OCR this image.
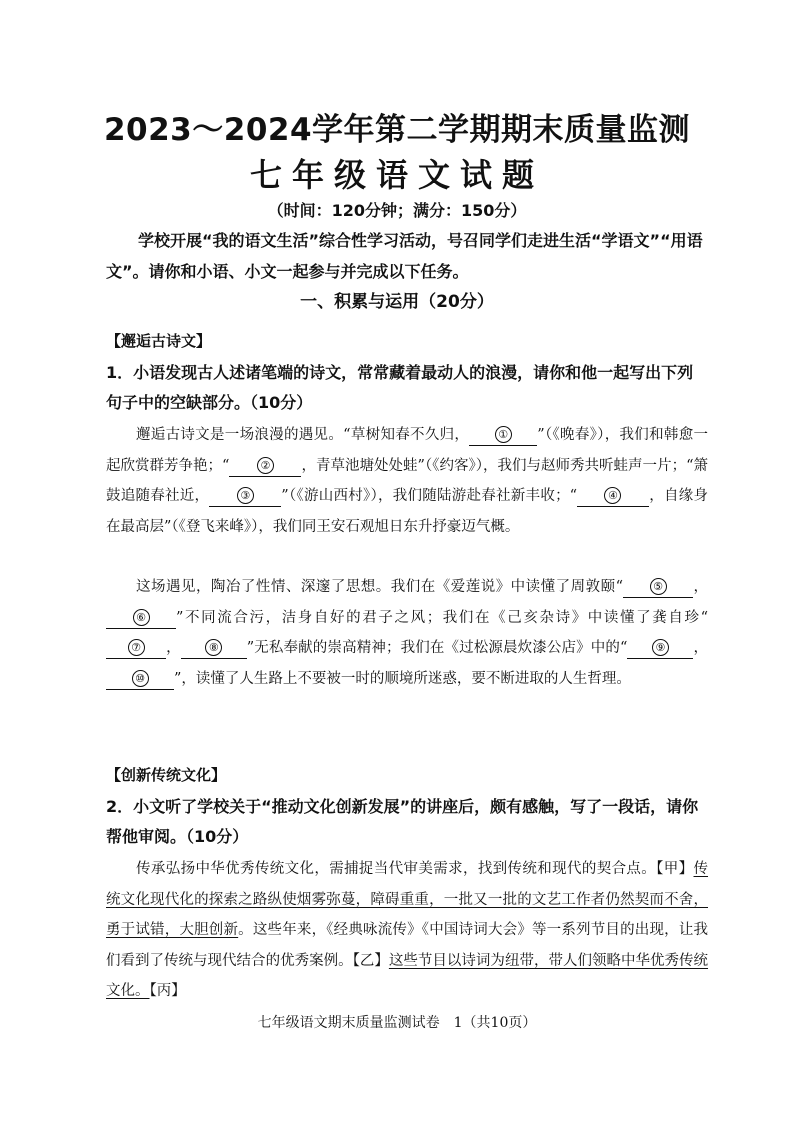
2023～2024学年第二学期期末质量监测
七年级语文试题
（时间：120分钟；满分：150分）
学校开展“我的语文生活”综合性学习活动，号召同学们走进生活“学语文”“用语文”。请你和小语、小文一起参与并完成以下任务。
一、积累与运用（20分）
【邂逅古诗文】
1．小语发现古人述诸笔端的诗文，常常藏着最动人的浪漫，请你和他一起写出下列句子中的空缺部分。（10分）
邂逅古诗文是一场浪漫的遇见。“草树知春不久归，	① ”（《晚春》），我们和韩愈一起欣赏群芳争艳；“	② ，青草池塘处处蛙”（《约客》），我们与赵师秀共听蛙声一片；“箫鼓追随春社近，	③ ”（《游山西村》），我们随陆游赴春社新丰收；“	④ ，自缘身在最高层”（《登飞来峰》），我们同王安石观旭日东升抒豪迈气概。
这场遇见，陶冶了性情、深邃了思想。我们在《爱莲说》中读懂了周敦颐“	⑤ ，⑥ ”不同流合污，洁身自好的君子之风；我们在《己亥杂诗》中读懂了龚自珍“⑦ ，	⑧ ”无私奉献的崇高精神；我们在《过松源晨炊漆公店》中的“	⑨ ，⑩ ”，读懂了人生路上不要被一时的顺境所迷惑，要不断进取的人生哲理。
【创新传统文化】
2．小文听了学校关于“推动文化创新发展”的讲座后，颇有感触，写了一段话，请你帮他审阅。（10分）
传承弘扬中华优秀传统文化，需捕捉当代审美需求，找到传统和现代的契合点。【甲】传统文化现代化的探索之路纵使烟雾弥蔓，障碍重重，一批又一批的文艺工作者仍然契而不舍，勇于试错，大胆创新。这些年来，《经典咏流传》《中国诗词大会》等一系列节目的出现，让我们看到了传统与现代结合的优秀案例。【乙】这些节目以诗词为纽带，带人们领略中华优秀传统文化。【丙】
七年级语文期末质量监测试卷　1（共10页）
